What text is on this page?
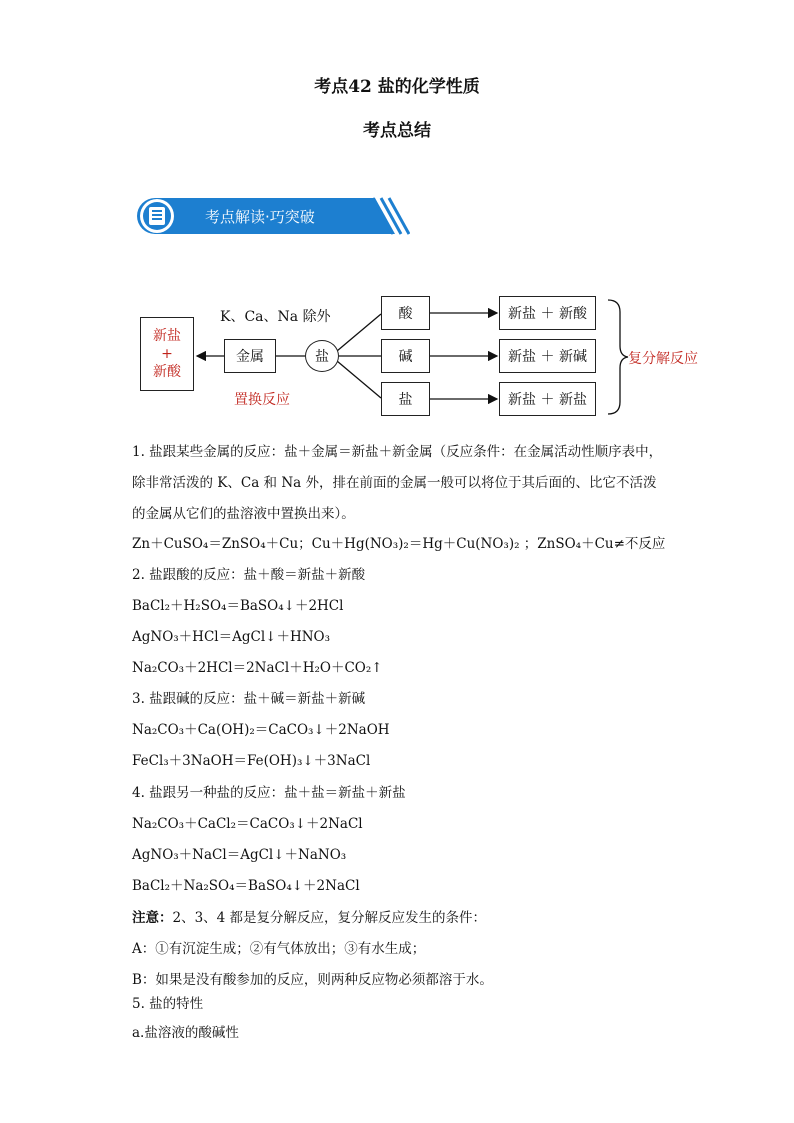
考点42 盐的化学性质
考点总结
考点解读·巧突破
K、Ca、Na 除外
新盐
+
新酸
金属	盐
置换反应
酸
碱
盐
新盐 ＋ 新酸
新盐 ＋ 新碱
新盐 ＋ 新盐
复分解反应
1. 盐跟某些金属的反应：盐＋金属＝新盐＋新金属（反应条件：在金属活动性顺序表中，除非常活泼的 K、Ca 和 Na 外，排在前面的金属一般可以将位于其后面的、比它不活泼的金属从它们的盐溶液中置换出来）。
Zn＋CuSO₄＝ZnSO₄＋Cu；Cu＋Hg(NO₃)₂＝Hg＋Cu(NO₃)₂ ；ZnSO₄＋Cu≠不反应
2. 盐跟酸的反应：盐＋酸＝新盐＋新酸
BaCl₂＋H₂SO₄＝BaSO₄↓＋2HCl
AgNO₃＋HCl＝AgCl↓＋HNO₃
Na₂CO₃＋2HCl＝2NaCl＋H₂O＋CO₂↑
3. 盐跟碱的反应：盐＋碱＝新盐＋新碱
Na₂CO₃＋Ca(OH)₂＝CaCO₃↓＋2NaOH
FeCl₃＋3NaOH＝Fe(OH)₃↓＋3NaCl
4. 盐跟另一种盐的反应：盐＋盐＝新盐＋新盐
Na₂CO₃＋CaCl₂＝CaCO₃↓＋2NaCl
AgNO₃＋NaCl＝AgCl↓＋NaNO₃
BaCl₂＋Na₂SO₄＝BaSO₄↓＋2NaCl
注意：2、3、4 都是复分解反应，复分解反应发生的条件：
A：①有沉淀生成；②有气体放出；③有水生成；
B：如果是没有酸参加的反应，则两种反应物必须都溶于水。
5. 盐的特性
a.盐溶液的酸碱性
